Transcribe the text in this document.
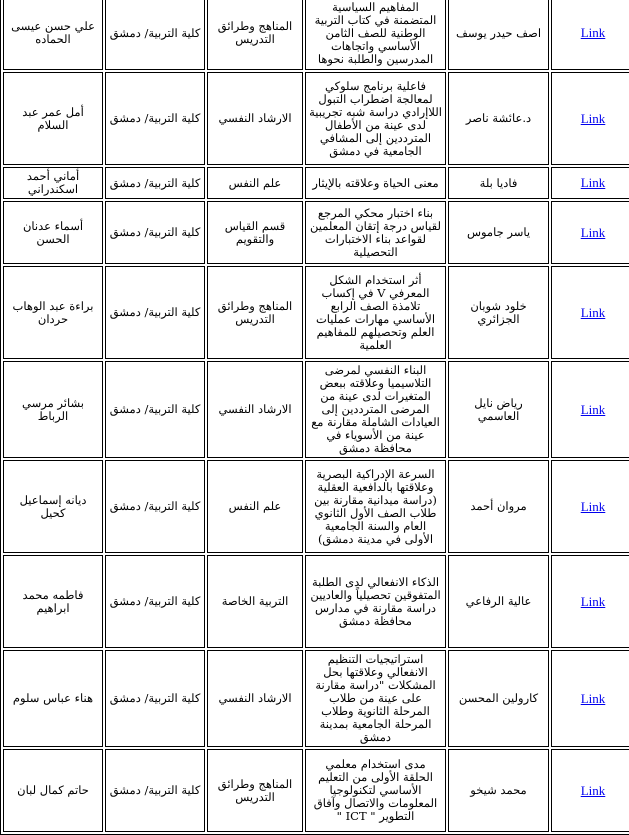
Link	اصف حيدر يوسف	المفاهيم السياسية المتضمنة في كتاب التربية الوطنية للصف الثامن الأساسي واتجاهات المدرسين والطلبة نحوها	المناهج وطرائق التدريس	كلية التربية/ دمشق	علي حسن عيسى الحماده
Link	د.عائشة ناصر	فاعلية برنامج سلوكي لمعالجة اضطراب التبول اللاإرادي دراسة شبه تجريبية لدى عينة من الأطفال المترددين إلى المشافي الجامعية في دمشق	الارشاد النفسي	كلية التربية/ دمشق	أمل عمر عبد السلام
Link	فاديا بلة	معنى الحياة وعلاقته بالإيثار	علم النفس	كلية التربية/ دمشق	أماني أحمد اسكندراني
Link	ياسر جاموس	بناء اختبار محكي المرجع لقياس درجة إتقان المعلمين لقواعد بناء الاختبارات التحصيلية	قسم القياس والتقويم	كلية التربية/ دمشق	أسماء عدنان الحسن
Link	خلود شوبان الجزائري	أثر استخدام الشكل المعرفي V في إكساب تلامذة الصف الرابع الأساسي مهارات عمليات العلم وتحصيلهم للمفاهيم العلمية	المناهج وطرائق التدريس	كلية التربية/ دمشق	براءة عبد الوهاب حردان
Link	رياض نايل العاسمي	البناء النفسي لمرضى التلاسيميا وعلاقته ببعض المتغيرات لدى عينة من المرضى المترددين إلى العيادات الشاملة مقارنة مع عينة من الأسوياء في محافظة دمشق	الارشاد النفسي	كلية التربية/ دمشق	بشائر مرسي الرباط
Link	مروان أحمد	السرعة الإدراكية البصرية وعلاقتها بالدافعية العقلية (دراسة ميدانية مقارنة بين طلاب الصف الأول الثانوي العام والسنة الجامعية الأولى في مدينة دمشق)	علم النفس	كلية التربية/ دمشق	ديانه إسماعيل كحيل
Link	عالية الرفاعي	الذكاء الانفعالي لدى الطلبة المتفوقين تحصيلياً والعاديين دراسة مقارنة في مدارس محافظة دمشق	التربية الخاصة	كلية التربية/ دمشق	فاطمه محمد ابراهيم
Link	كارولين المحسن	استراتيجيات التنظيم الانفعالي وعلاقتها بحل المشكلات "دراسة مقارنة على عينة من طلاب المرحلة الثانوية وطلاب المرحلة الجامعية بمدينة دمشق	الارشاد النفسي	كلية التربية/ دمشق	هناء عباس سلوم
Link	محمد شيخو	مدى استخدام معلمي الحلقة الأولى من التعليم الأساسي لتكنولوجيا المعلومات والاتصال وآفاق التطوير " ICT "	المناهج وطرائق التدريس	كلية التربية/ دمشق	حاتم كمال لبان
